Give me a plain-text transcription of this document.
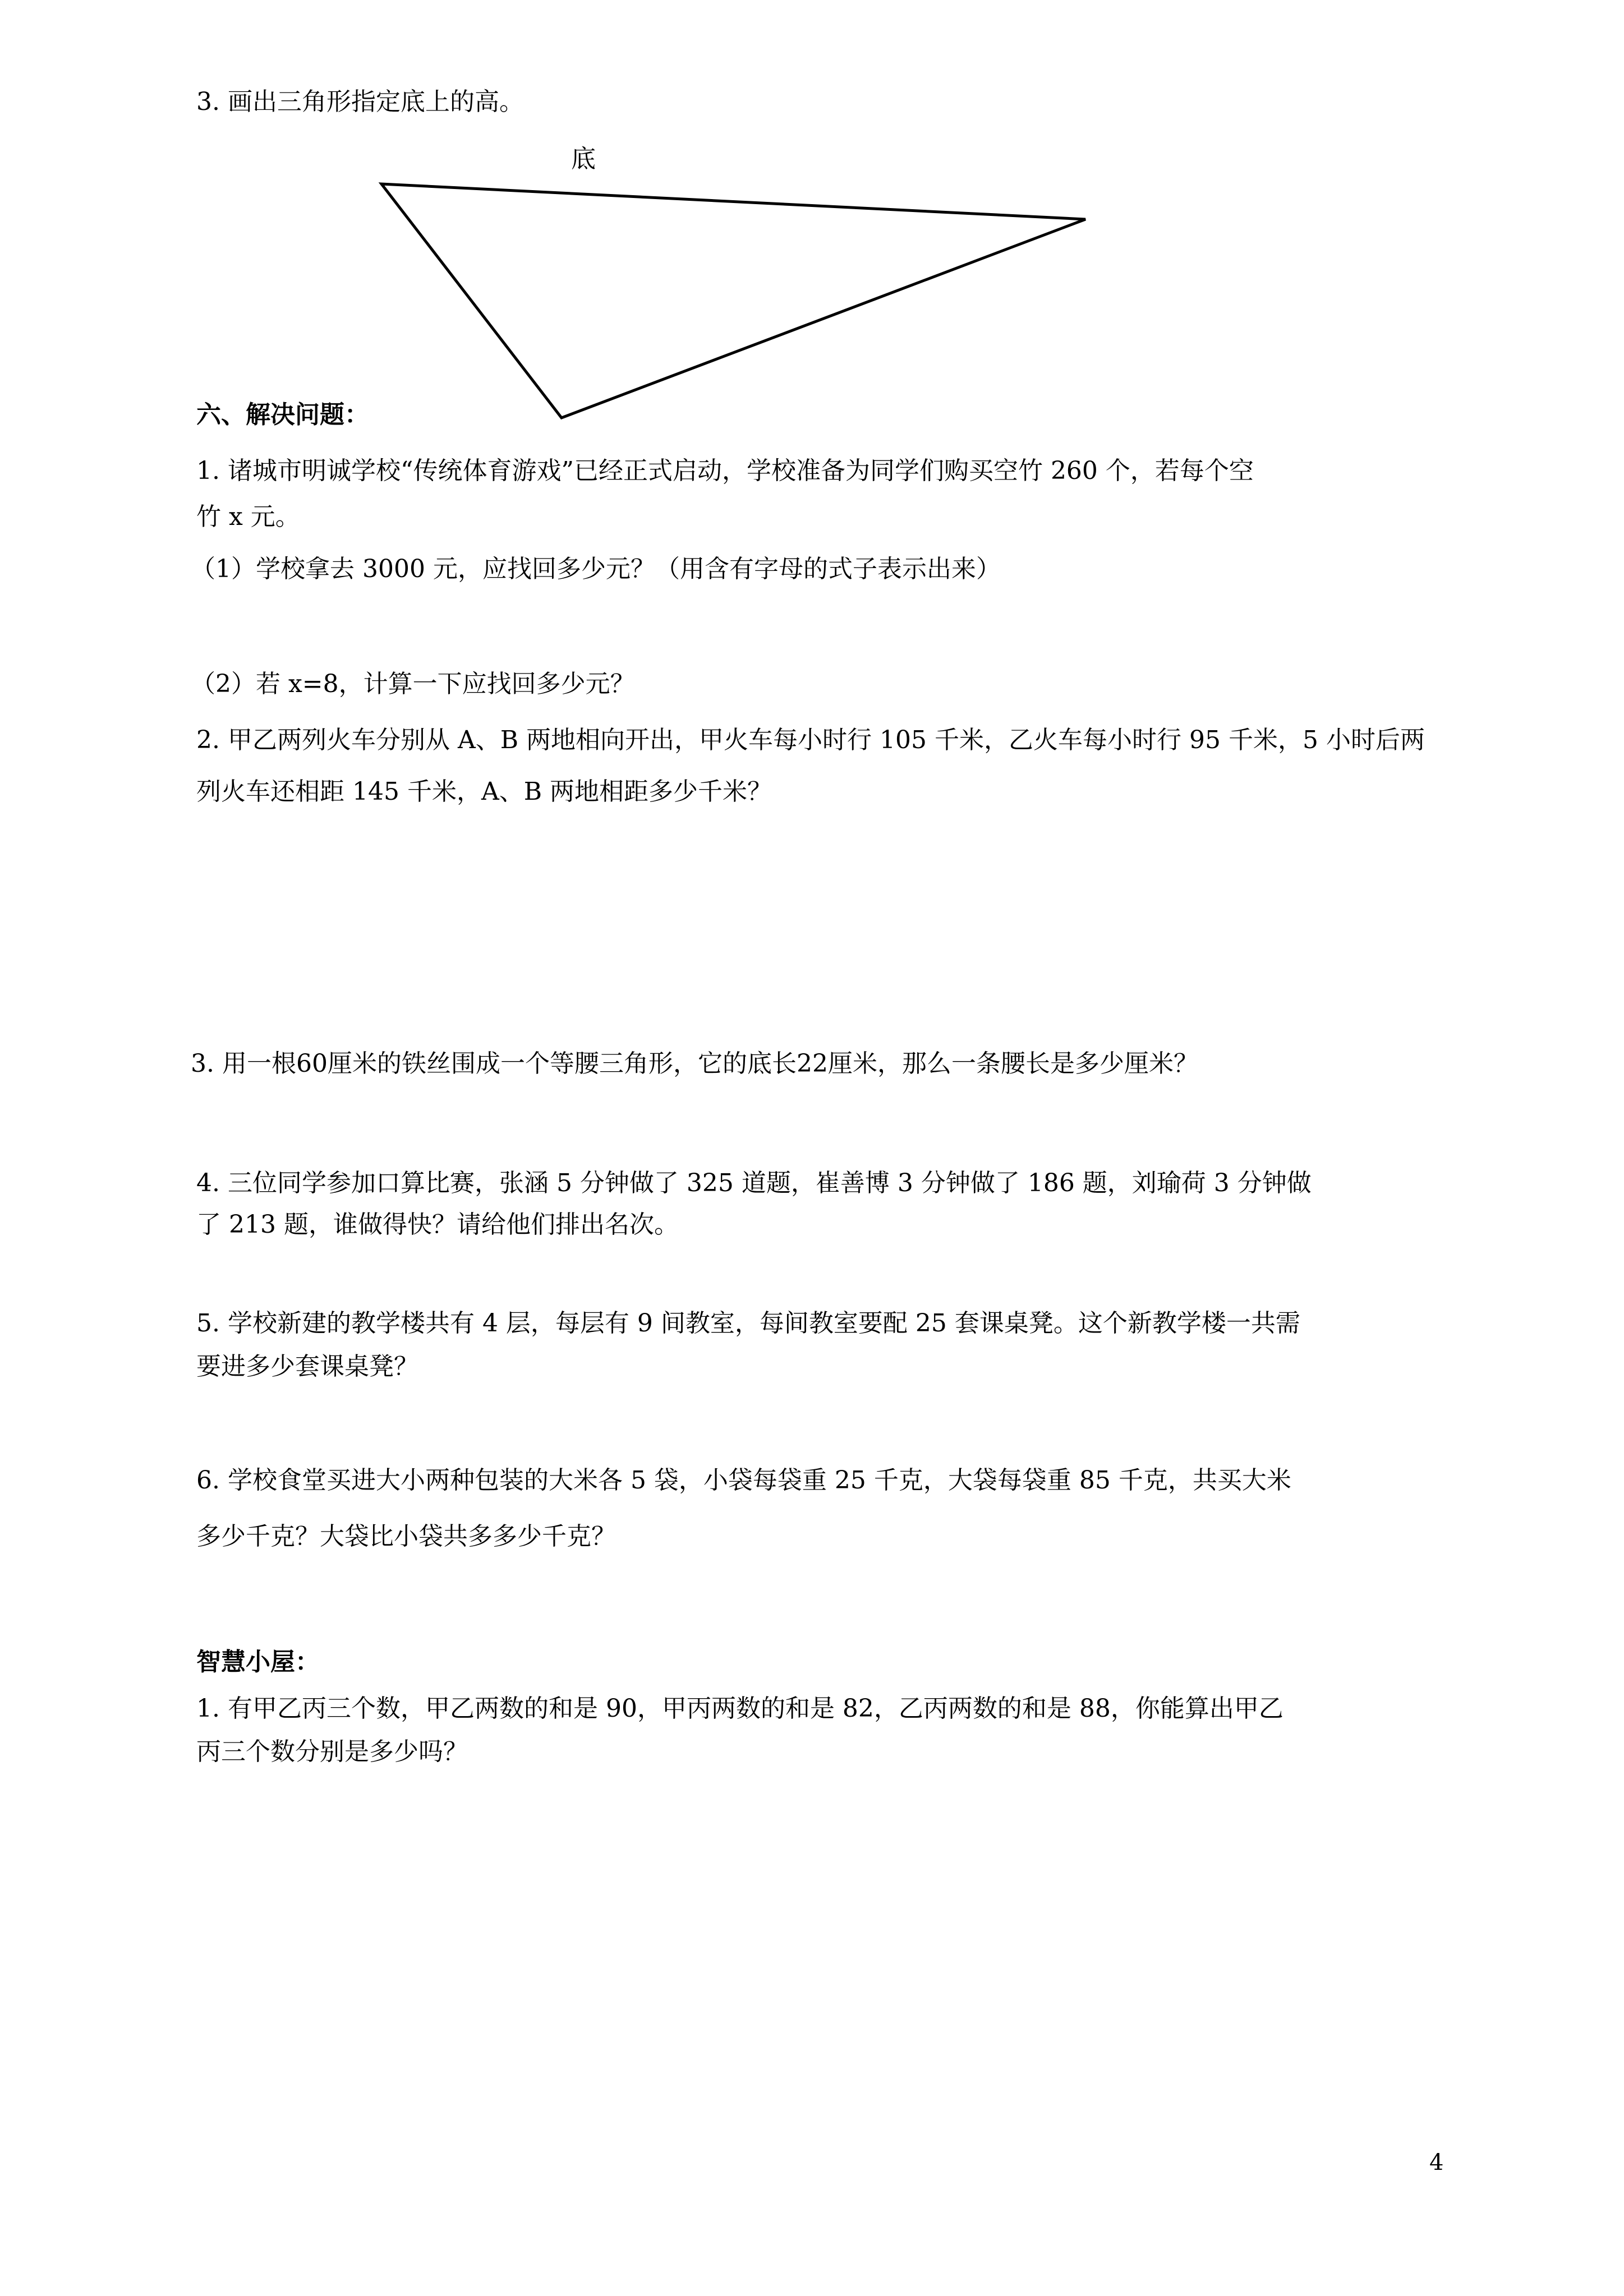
3. 画出三角形指定底上的高。
底
六、解决问题：
1. 诸城市明诚学校“传统体育游戏”已经正式启动，学校准备为同学们购买空竹 260 个，若每个空
竹 x 元。
（1）学校拿去 3000 元，应找回多少元？（用含有字母的式子表示出来）
（2）若 x=8，计算一下应找回多少元？
2. 甲乙两列火车分别从 A、B 两地相向开出，甲火车每小时行 105 千米，乙火车每小时行 95 千米，5 小时后两
列火车还相距 145 千米，A、B 两地相距多少千米？
3. 用一根60厘米的铁丝围成一个等腰三角形，它的底长22厘米，那么一条腰长是多少厘米？
4. 三位同学参加口算比赛，张涵 5 分钟做了 325 道题，崔善博 3 分钟做了 186 题，刘瑜荷 3 分钟做
了 213 题，谁做得快？请给他们排出名次。
5. 学校新建的教学楼共有 4 层，每层有 9 间教室，每间教室要配 25 套课桌凳。这个新教学楼一共需
要进多少套课桌凳？
6. 学校食堂买进大小两种包装的大米各 5 袋，小袋每袋重 25 千克，大袋每袋重 85 千克，共买大米
多少千克？大袋比小袋共多多少千克？
智慧小屋：
1. 有甲乙丙三个数，甲乙两数的和是 90，甲丙两数的和是 82，乙丙两数的和是 88，你能算出甲乙
丙三个数分别是多少吗？
4
